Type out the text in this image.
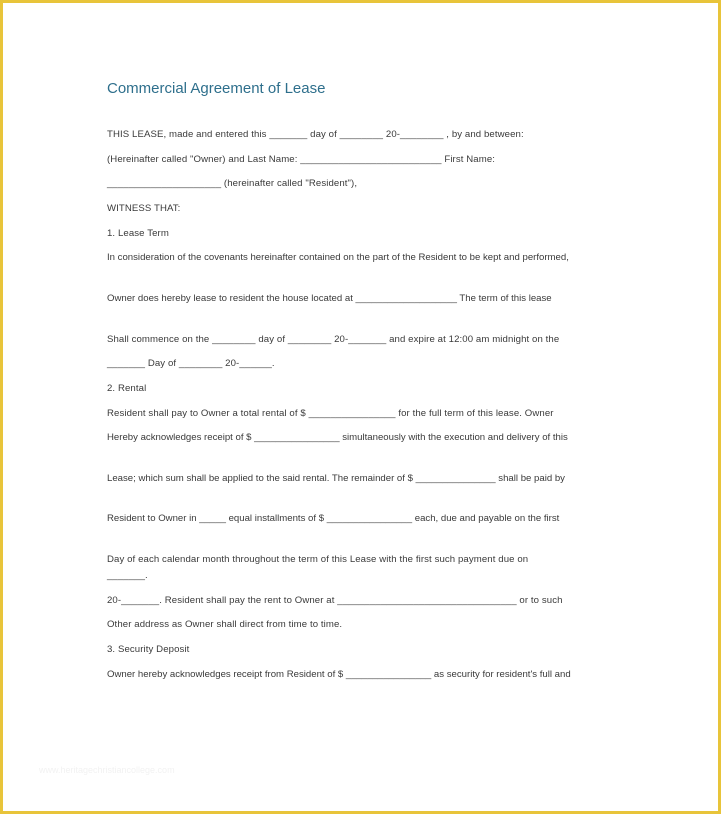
Commercial Agreement of Lease
THIS LEASE, made and entered this _______ day of ________ 20-________ , by and between:
(Hereinafter called "Owner) and Last Name: __________________________ First Name:
_____________________ (hereinafter called "Resident"),
WITNESS THAT:
1. Lease Term
In consideration of the covenants hereinafter contained on the part of the Resident to be kept and performed,
Owner does hereby lease to resident the house located at ___________________ The term of this lease
Shall commence on the ________ day of ________ 20-_______ and expire at 12:00 am midnight on the
_______ Day of ________ 20-______.
2. Rental
Resident shall pay to Owner a total rental of $ ________________ for the full term of this lease. Owner
Hereby acknowledges receipt of $ ________________ simultaneously with the execution and delivery of this
Lease; which sum shall be applied to the said rental. The remainder of $ _______________ shall be paid by
Resident to Owner in _____ equal installments of $ ________________ each, due and payable on the first
Day of each calendar month throughout the term of this Lease with the first such payment due on
_______.
20-_______. Resident shall pay the rent to Owner at _________________________________ or to such
Other address as Owner shall direct from time to time.
3. Security Deposit
Owner hereby acknowledges receipt from Resident of $ ________________ as security for resident's full and
www.heritagechristiancollege.com
